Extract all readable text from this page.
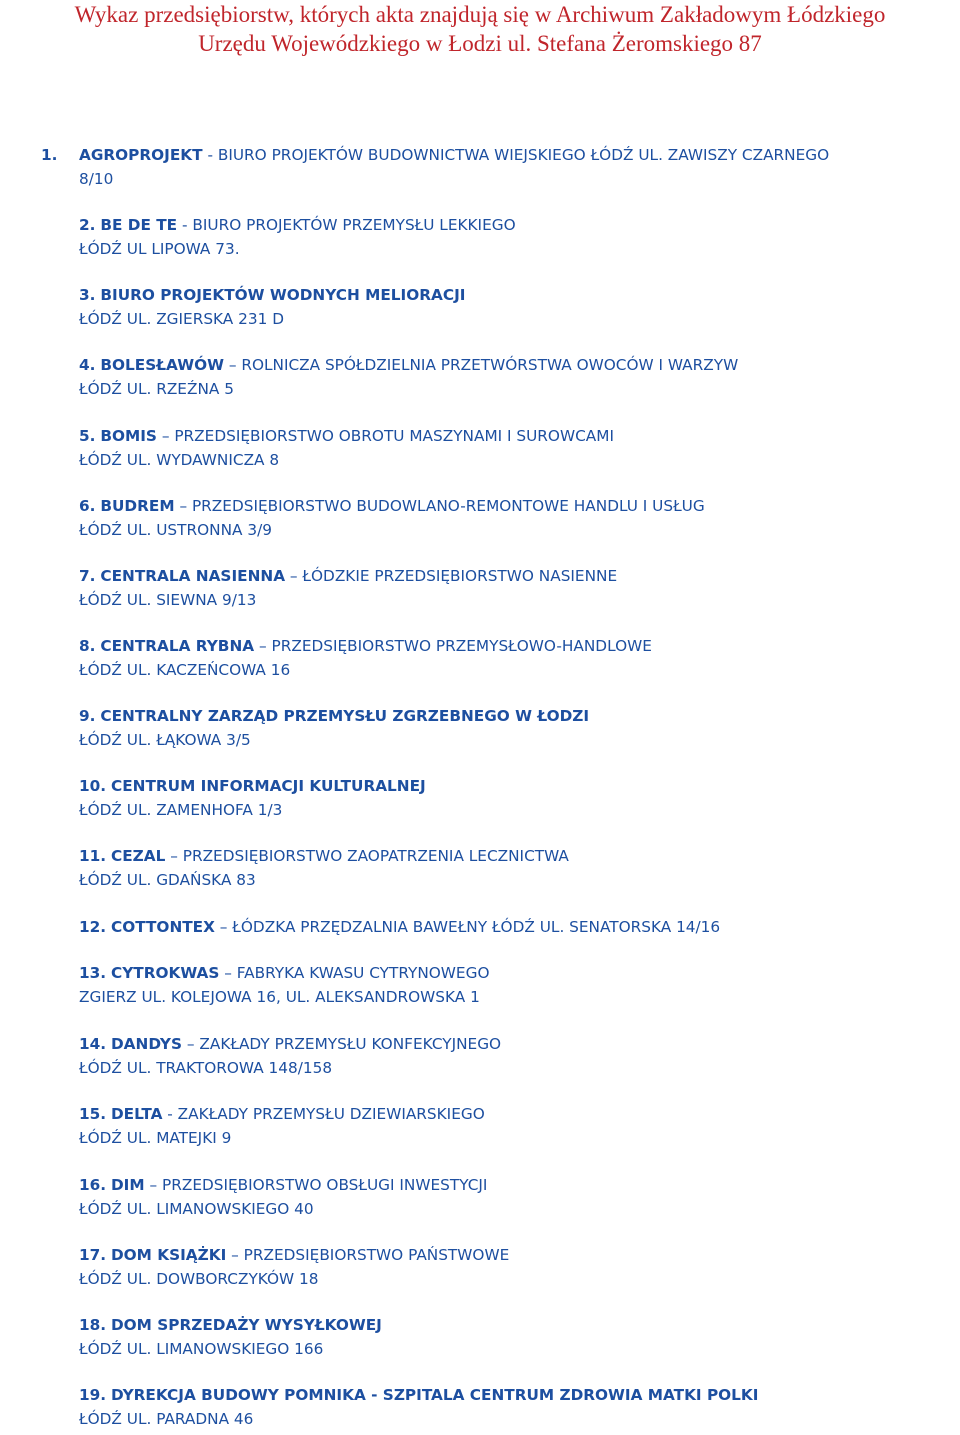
Wykaz przedsiębiorstw, których akta znajdują się w Archiwum Zakładowym Łódzkiego
Urzędu Wojewódzkiego w Łodzi ul. Stefana Żeromskiego 87
1. AGROPROJEKT - BIURO PROJEKTÓW BUDOWNICTWA WIEJSKIEGO ŁÓDŹ UL. ZAWISZY CZARNEGO
8/10
2. BE DE TE - BIURO PROJEKTÓW PRZEMYSŁU LEKKIEGO
ŁÓDŹ UL LIPOWA 73.
3. BIURO PROJEKTÓW WODNYCH MELIORACJI
ŁÓDŹ UL. ZGIERSKA 231 D
4. BOLESŁAWÓW – ROLNICZA SPÓŁDZIELNIA PRZETWÓRSTWA OWOCÓW I WARZYW
ŁÓDŹ UL. RZEŹNA 5
5. BOMIS – PRZEDSIĘBIORSTWO OBROTU MASZYNAMI I SUROWCAMI
ŁÓDŹ UL. WYDAWNICZA 8
6. BUDREM – PRZEDSIĘBIORSTWO BUDOWLANO-REMONTOWE HANDLU I USŁUG
ŁÓDŹ UL. USTRONNA 3/9
7. CENTRALA NASIENNA – ŁÓDZKIE PRZEDSIĘBIORSTWO NASIENNE
ŁÓDŹ UL. SIEWNA 9/13
8. CENTRALA RYBNA – PRZEDSIĘBIORSTWO PRZEMYSŁOWO-HANDLOWE
ŁÓDŹ UL. KACZEŃCOWA 16
9. CENTRALNY ZARZĄD PRZEMYSŁU ZGRZEBNEGO W ŁODZI
ŁÓDŹ UL. ŁĄKOWA 3/5
10. CENTRUM INFORMACJI KULTURALNEJ
ŁÓDŹ UL. ZAMENHOFA 1/3
11. CEZAL – PRZEDSIĘBIORSTWO ZAOPATRZENIA LECZNICTWA
ŁÓDŹ UL. GDAŃSKA 83
12. COTTONTEX – ŁÓDZKA PRZĘDZALNIA BAWEŁNY ŁÓDŹ UL. SENATORSKA 14/16
13. CYTROKWAS – FABRYKA KWASU CYTRYNOWEGO
ZGIERZ UL. KOLEJOWA 16, UL. ALEKSANDROWSKA 1
14. DANDYS – ZAKŁADY PRZEMYSŁU KONFEKCYJNEGO
ŁÓDŹ UL. TRAKTOROWA 148/158
15. DELTA - ZAKŁADY PRZEMYSŁU DZIEWIARSKIEGO
ŁÓDŹ UL. MATEJKI 9
16. DIM – PRZEDSIĘBIORSTWO OBSŁUGI INWESTYCJI
ŁÓDŹ UL. LIMANOWSKIEGO 40
17. DOM KSIĄŻKI – PRZEDSIĘBIORSTWO PAŃSTWOWE
ŁÓDŹ UL. DOWBORCZYKÓW 18
18. DOM SPRZEDAŻY WYSYŁKOWEJ
ŁÓDŹ UL. LIMANOWSKIEGO 166
19. DYREKCJA BUDOWY POMNIKA - SZPITALA CENTRUM ZDROWIA MATKI POLKI
ŁÓDŹ UL. PARADNA 46
